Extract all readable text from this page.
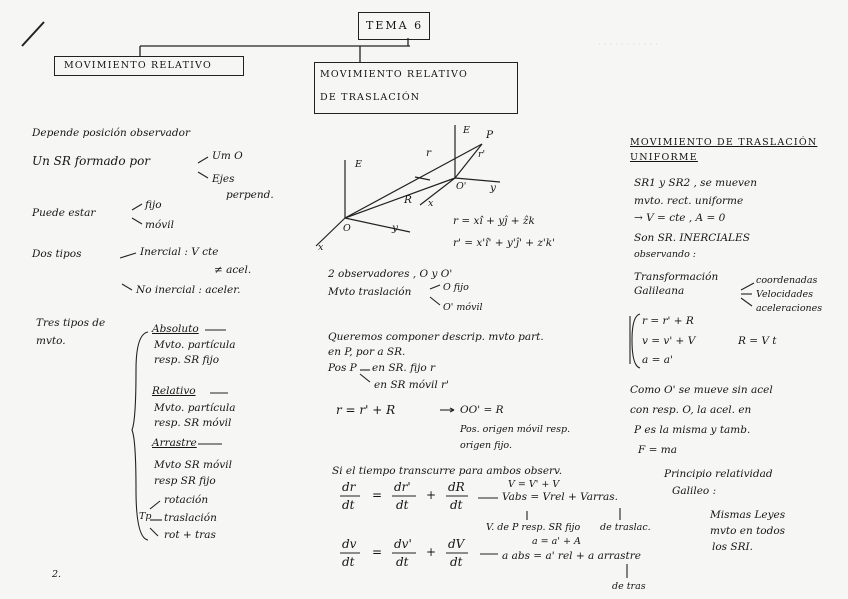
· · · · · · · · · · ·
TEMA 6
MOVIMIENTO RELATIVO
MOVIMIENTO RELATIVO
DE TRASLACIÓN
Depende posición observador
Un SR formado por	Um O
Ejes
perpend.
Puede estar
fijo
móvil
Dos tipos	Inercial : V cte
≠ acel.
No inercial : aceler.
Tres tipos de
mvto.
Absoluto
Mvto. partícula
resp. SR fijo
Relativo
Mvto. partícula
resp. SR móvil
Arrastre
Mvto SR móvil
resp SR fijo
Tp
rotación
traslación
rot + tras
2.
E
E
x
y
O
O' y
x
r	r'
R
P
r = xî + yĵ + ẑk
r' = x'î' + y'ĵ' + z'k'
2 observadores , O y O'
Mvto traslación	O fijo
O' móvil
Queremos componer descrip. mvto part.
en P, por a SR.
Pos P en SR. fijo r
en SR móvil r'
r = r' + R	OO' = R
Pos. origen móvil resp.
origen fijo.
Si el tiempo transcurre para ambos observ.
V = V' + V
dr
dt
=
dr'
dt
+
dR
dt
Vabs = Vrel + Varras.
V. de P resp. SR fijo de traslac.
dv
dt
=
dv'
dt
+
dV
dt
a = a' + A
a abs = a' rel + a arrastre
de tras
MOVIMIENTO DE TRASLACIÓN
UNIFORME
SR1 y SR2 , se mueven
mvto. rect. uniforme
→ V = cte , A = 0
Son SR. INERCIALES
observando :
Transformación
Galileana
coordenadas
Velocidades
aceleraciones
r = r' + R
v = v' + V
a = a'
R = V t
Como O' se mueve sin acel
con resp. O, la acel. en
P es la misma y tamb.
F = ma
Principio relatividad
Galileo :
Mismas Leyes
mvto en todos
los SRI.
